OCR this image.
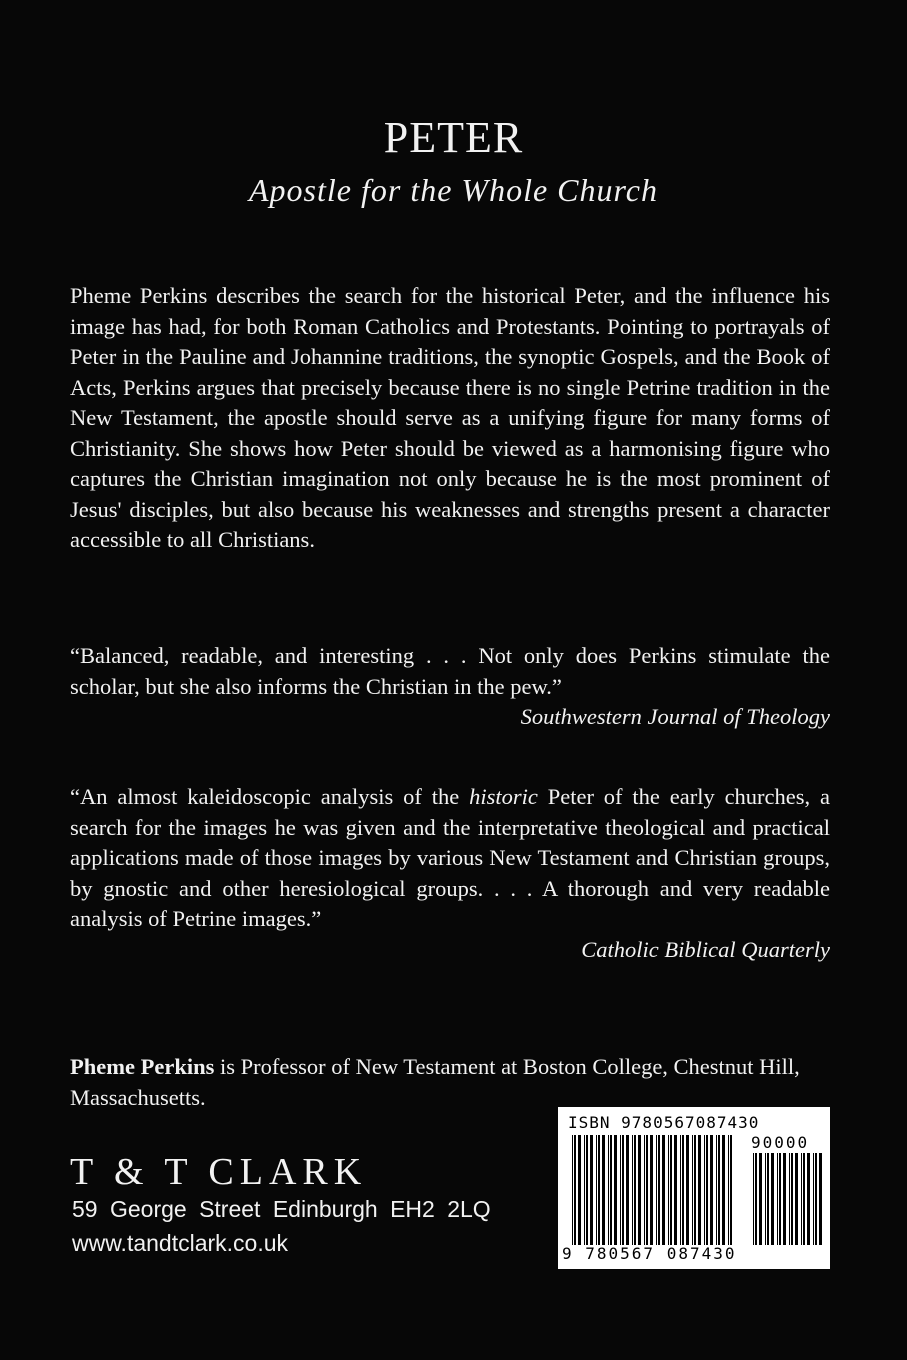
PETER
Apostle for the Whole Church
Pheme Perkins describes the search for the historical Peter, and the influence his image has had, for both Roman Catholics and Protestants. Pointing to portrayals of Peter in the Pauline and Johannine traditions, the synoptic Gospels, and the Book of Acts, Perkins argues that precisely because there is no single Petrine tradition in the New Testament, the apostle should serve as a unifying figure for many forms of Christianity. She shows how Peter should be viewed as a harmonising figure who captures the Christian imagination not only because he is the most prominent of Jesus' disciples, but also because his weaknesses and strengths present a character accessible to all Christians.
“Balanced, readable, and interesting . . . Not only does Perkins stimulate the scholar, but she also informs the Christian in the pew.”
Southwestern Journal of Theology
“An almost kaleidoscopic analysis of the historic Peter of the early churches, a search for the images he was given and the interpretative theological and practical applications made of those images by various New Testament and Christian groups, by gnostic and other heresiological groups. . . . A thorough and very readable analysis of Petrine images.”
Catholic Biblical Quarterly
Pheme Perkins is Professor of New Testament at Boston College, Chestnut Hill, Massachusetts.
T & T CLARK
59 George Street Edinburgh EH2 2LQ
www.tandtclark.co.uk
ISBN 9780567087430
90000
9 780567 087430
